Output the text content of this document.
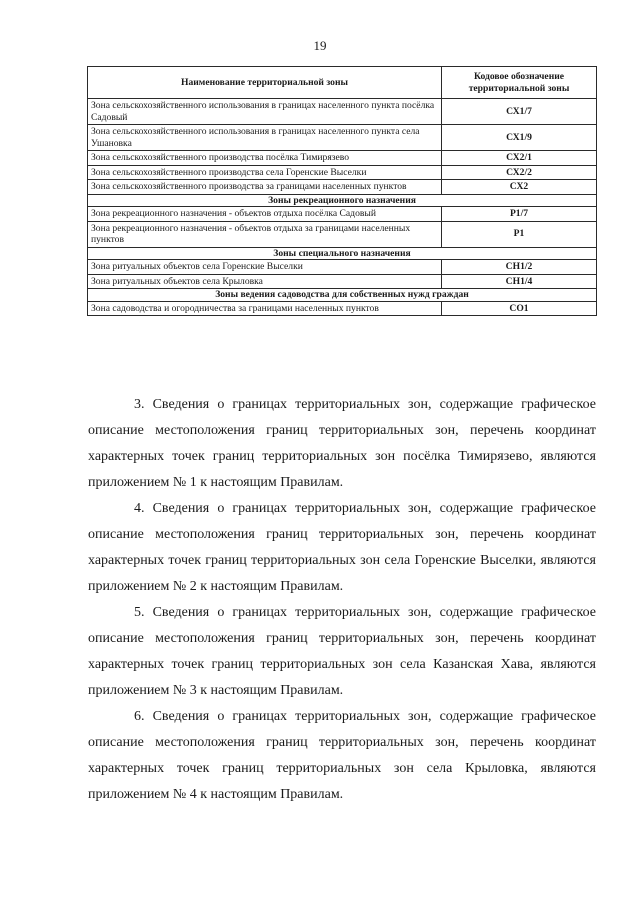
19
Наименование территориальной зоны	Кодовое обозначение территориальной зоны
Зона сельскохозяйственного использования в границах населенного пункта посёлка Садовый	СХ1/7
Зона сельскохозяйственного использования в границах населенного пункта села Ушановка	СХ1/9
Зона сельскохозяйственного производства посёлка Тимирязево	СХ2/1
Зона сельскохозяйственного производства села Горенские Выселки	СХ2/2
Зона сельскохозяйственного производства за границами населенных пунктов	СХ2
Зоны рекреационного назначения	
Зона рекреационного назначения - объектов отдыха посёлка Садовый	Р1/7
Зона рекреационного назначения - объектов отдыха за границами населенных пунктов	Р1
Зоны специального назначения	
Зона ритуальных объектов села Горенские Выселки	СН1/2
Зона ритуальных объектов села Крыловка	СН1/4
Зоны ведения садоводства для собственных нужд граждан	
Зона садоводства и огородничества за границами населенных пунктов	СО1

3. Сведения о границах территориальных зон, содержащие графическое описание местоположения границ территориальных зон, перечень координат характерных точек границ территориальных зон посёлка Тимирязево, являются приложением № 1 к настоящим Правилам.

4. Сведения о границах территориальных зон, содержащие графическое описание местоположения границ территориальных зон, перечень координат характерных точек границ территориальных зон села Горенские Выселки, являются приложением № 2 к настоящим Правилам.

5. Сведения о границах территориальных зон, содержащие графическое описание местоположения границ территориальных зон, перечень координат характерных точек границ территориальных зон села Казанская Хава, являются приложением № 3 к настоящим Правилам.

6. Сведения о границах территориальных зон, содержащие графическое описание местоположения границ территориальных зон, перечень координат характерных точек границ территориальных зон села Крыловка, являются приложением № 4 к настоящим Правилам.
